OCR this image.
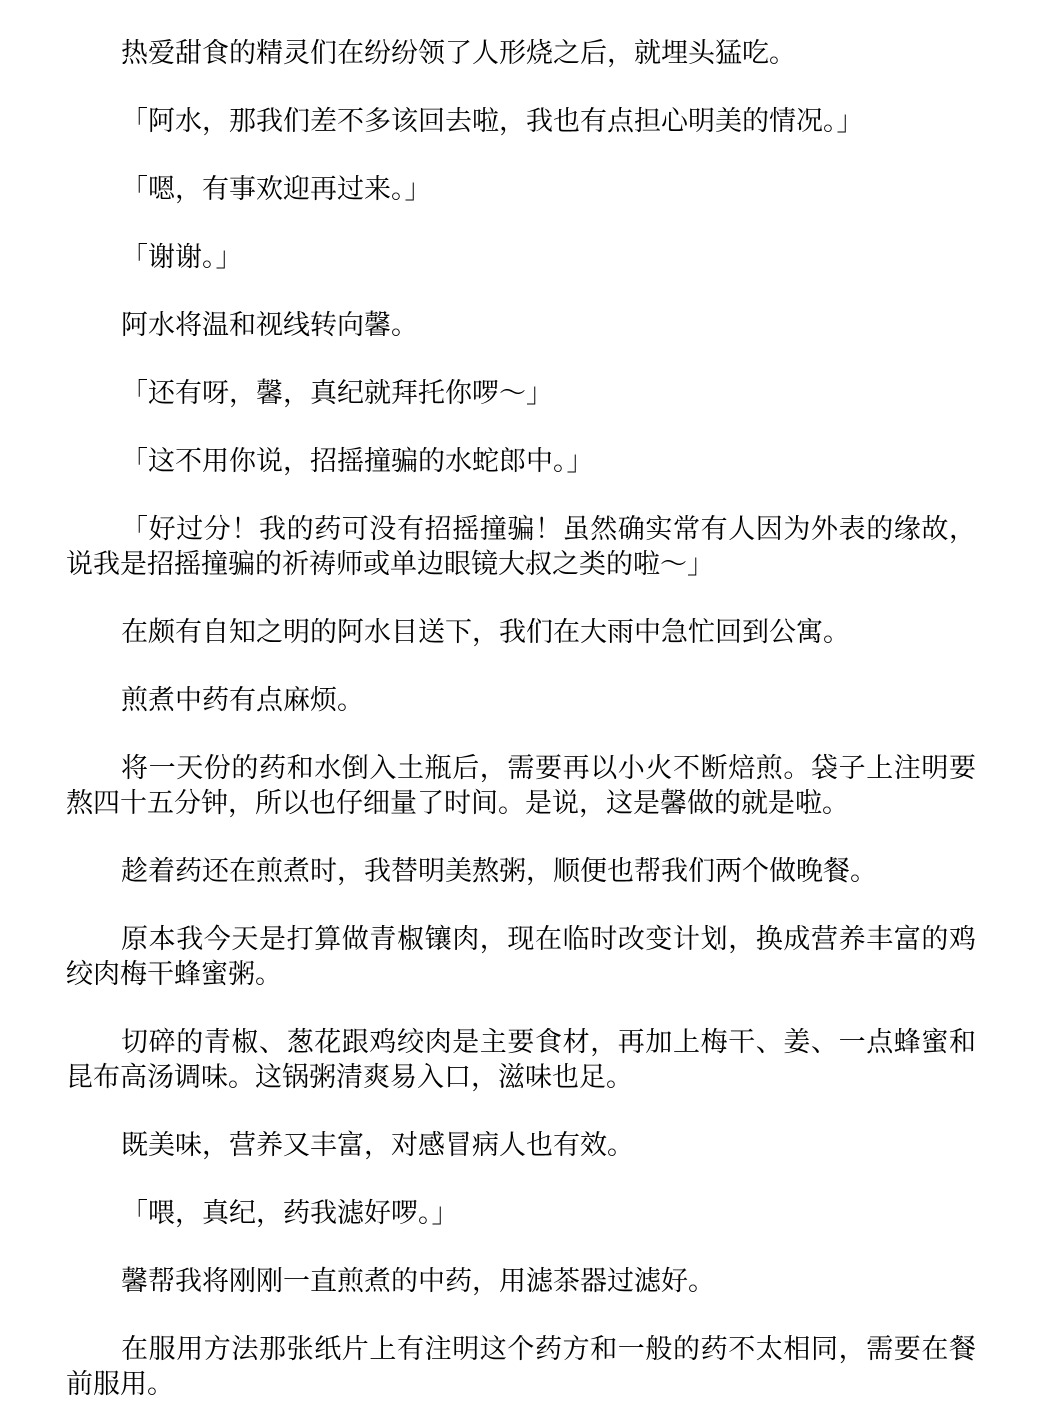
热爱甜食的精灵们在纷纷领了人形烧之后，就埋头猛吃。

「阿水，那我们差不多该回去啦，我也有点担心明美的情况。」

「嗯，有事欢迎再过来。」

「谢谢。」

阿水将温和视线转向馨。

「还有呀，馨，真纪就拜托你啰～」

「这不用你说，招摇撞骗的水蛇郎中。」

「好过分！我的药可没有招摇撞骗！虽然确实常有人因为外表的缘故，说我是招摇撞骗的祈祷师或单边眼镜大叔之类的啦～」

在颇有自知之明的阿水目送下，我们在大雨中急忙回到公寓。

煎煮中药有点麻烦。

将一天份的药和水倒入土瓶后，需要再以小火不断焙煎。袋子上注明要熬四十五分钟，所以也仔细量了时间。是说，这是馨做的就是啦。

趁着药还在煎煮时，我替明美熬粥，顺便也帮我们两个做晚餐。

原本我今天是打算做青椒镶肉，现在临时改变计划，换成营养丰富的鸡绞肉梅干蜂蜜粥。

切碎的青椒、葱花跟鸡绞肉是主要食材，再加上梅干、姜、一点蜂蜜和昆布高汤调味。这锅粥清爽易入口，滋味也足。

既美味，营养又丰富，对感冒病人也有效。

「喂，真纪，药我滤好啰。」

馨帮我将刚刚一直煎煮的中药，用滤茶器过滤好。

在服用方法那张纸片上有注明这个药方和一般的药不太相同，需要在餐前服用。
